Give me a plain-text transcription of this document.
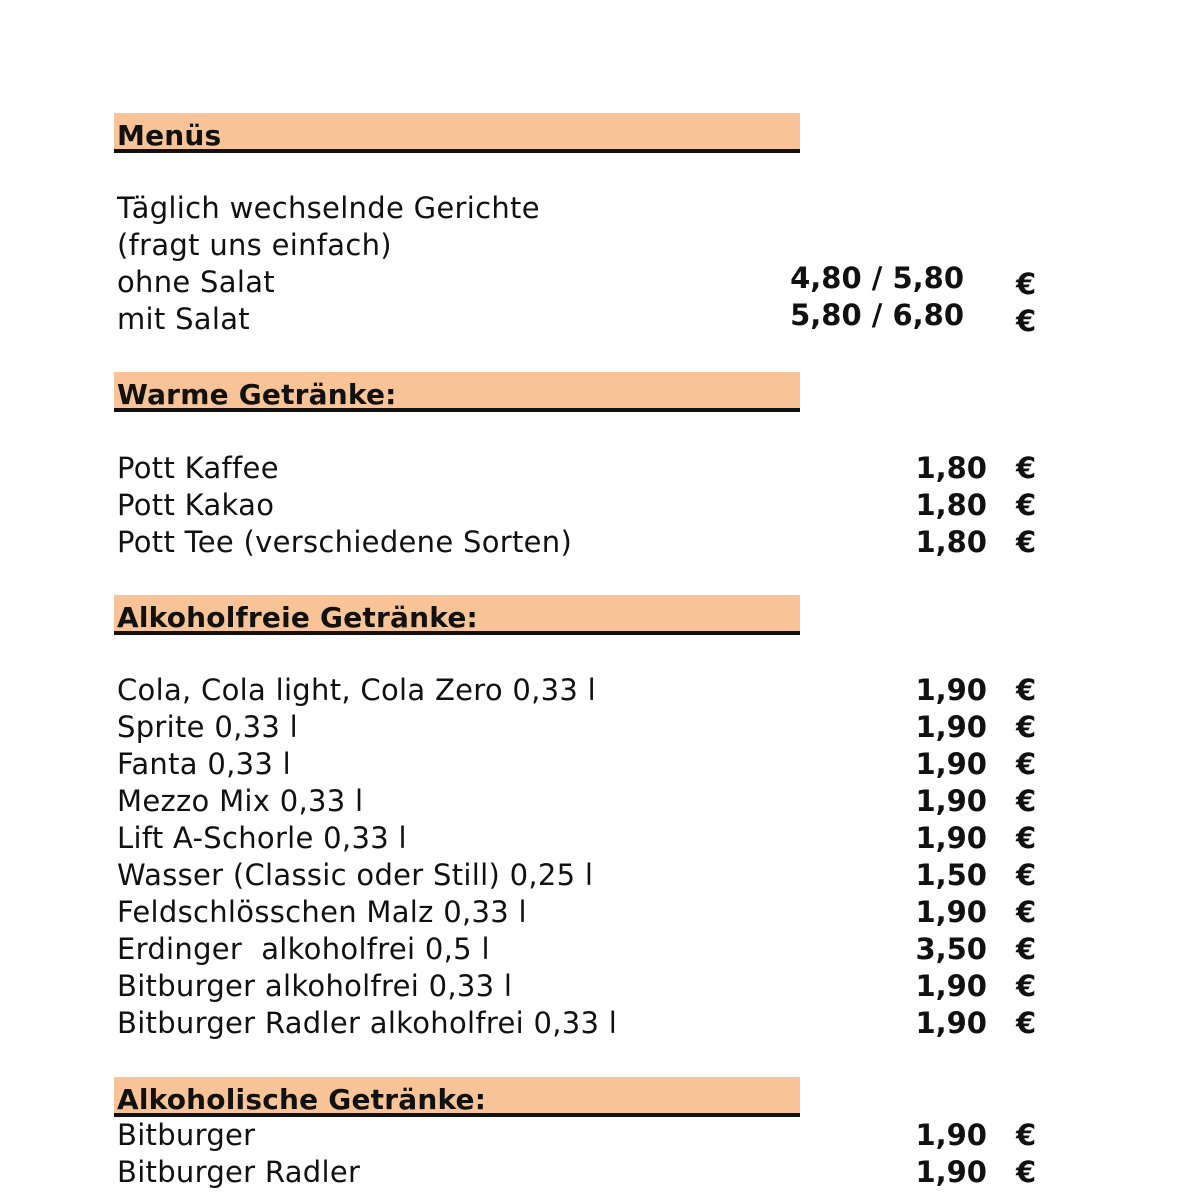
Menüs
Täglich wechselnde Gerichte
(fragt uns einfach)
ohne Salat	4,80 / 5,80 €
mit Salat	5,80 / 6,80 €
Warme Getränke:
Pott Kaffee	1,80 €
Pott Kakao	1,80 €
Pott Tee (verschiedene Sorten)	1,80 €
Alkoholfreie Getränke:
Cola, Cola light, Cola Zero 0,33 l	1,90 €
Sprite 0,33 l	1,90 €
Fanta 0,33 l	1,90 €
Mezzo Mix 0,33 l	1,90 €
Lift A-Schorle 0,33 l	1,90 €
Wasser (Classic oder Still) 0,25 l	1,50 €
Feldschlösschen Malz 0,33 l	1,90 €
Erdinger  alkoholfrei 0,5 l	3,50 €
Bitburger alkoholfrei 0,33 l	1,90 €
Bitburger Radler alkoholfrei 0,33 l	1,90 €
Alkoholische Getränke:
Bitburger	1,90 €
Bitburger Radler	1,90 €
